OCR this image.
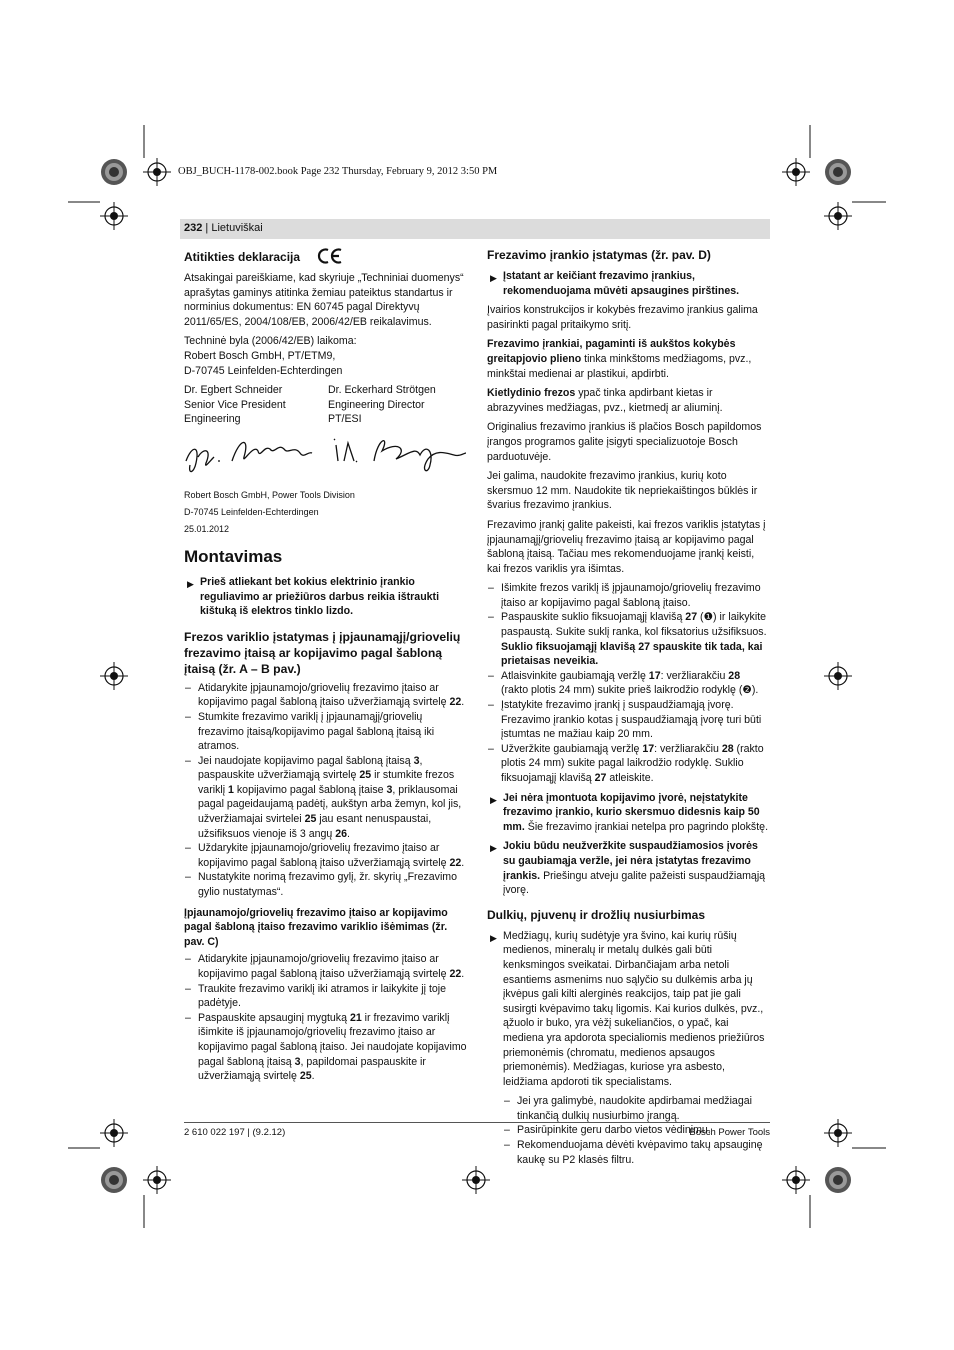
OBJ_BUCH-1178-002.book Page 232 Thursday, February 9, 2012 3:50 PM
232 | Lietuviškai
Atitikties deklaracija

Atsakingai pareiškiame, kad skyriuje „Techniniai duomenys“ aprašytas gaminys atitinka žemiau pateiktus standartus ir norminius dokumentus: EN 60745 pagal Direktyvų 2011/65/ES, 2004/108/EB, 2006/42/EB reikalavimus.

Techninė byla (2006/42/EB) laikoma:
Robert Bosch GmbH, PT/ETM9,
D-70745 Leinfelden-Echterdingen

Dr. Egbert Schneider
Senior Vice President
Engineering
Dr. Eckerhard Strötgen
Engineering Director
PT/ESI

Robert Bosch GmbH, Power Tools Division

D-70745 Leinfelden-Echterdingen

25.01.2012

Montavimas
▶ Prieš atliekant bet kokius elektrinio įrankio reguliavimo ar priežiūros darbus reikia ištraukti kištuką iš elektros tinklo lizdo.
Frezos variklio įstatymas į įpjaunamąjį/griovelių frezavimo įtaisą ar kopijavimo pagal šabloną įtaisą (žr. A – B pav.)
– Atidarykite įpjaunamojo/griovelių frezavimo įtaiso ar kopijavimo pagal šabloną įtaiso užveržiamąją svirtelę 22.
– Stumkite frezavimo variklį į įpjaunamąjį/griovelių frezavimo įtaisą/kopijavimo pagal šabloną įtaisą iki atramos.
– Jei naudojate kopijavimo pagal šabloną įtaisą 3, paspauskite užveržiamąją svirtelę 25 ir stumkite frezos variklį 1 kopijavimo pagal šabloną įtaise 3, priklausomai pagal pageidaujamą padėtį, aukštyn arba žemyn, kol jis, užveržiamajai svirtelei 25 jau esant nenuspaustai, užsifiksuos vienoje iš 3 angų 26.
– Uždarykite įpjaunamojo/griovelių frezavimo įtaiso ar kopijavimo pagal šabloną įtaiso užveržiamąją svirtelę 22.
– Nustatykite norimą frezavimo gylį, žr. skyrių „Frezavimo gylio nustatymas“.
Įpjaunamojo/griovelių frezavimo įtaiso ar kopijavimo pagal šabloną įtaiso frezavimo variklio išėmimas (žr. pav. C)
– Atidarykite įpjaunamojo/griovelių frezavimo įtaiso ar kopijavimo pagal šabloną įtaiso užveržiamąją svirtelę 22.
– Traukite frezavimo variklį iki atramos ir laikykite jį toje padėtyje.
– Paspauskite apsauginį mygtuką 21 ir frezavimo variklį išimkite iš įpjaunamojo/griovelių frezavimo įtaiso ar kopijavimo pagal šabloną įtaiso. Jei naudojate kopijavimo pagal šabloną įtaisą 3, papildomai paspauskite ir užveržiamąją svirtelę 25.
Frezavimo įrankio įstatymas (žr. pav. D)
▶ Įstatant ar keičiant frezavimo įrankius, rekomenduojama mūvėti apsaugines pirštines.

Įvairios konstrukcijos ir kokybės frezavimo įrankius galima pasirinkti pagal pritaikymo sritį.

Frezavimo įrankiai, pagaminti iš aukštos kokybės greitapjovio plieno tinka minkštoms medžiagoms, pvz., minkštai medienai ar plastikui, apdirbti.

Kietlydinio frezos ypač tinka apdirbant kietas ir abrazyvines medžiagas, pvz., kietmedį ar aliuminį.

Originalius frezavimo įrankius iš plačios Bosch papildomos įrangos programos galite įsigyti specializuotoje Bosch parduotuvėje.

Jei galima, naudokite frezavimo įrankius, kurių koto skersmuo 12 mm. Naudokite tik nepriekaištingos būklės ir švarius frezavimo įrankius.

Frezavimo įrankį galite pakeisti, kai frezos variklis įstatytas į įpjaunamąjį/griovelių frezavimo įtaisą ar kopijavimo pagal šabloną įtaisą. Tačiau mes rekomenduojame įrankį keisti, kai frezos variklis yra išimtas.

– Išimkite frezos variklį iš įpjaunamojo/griovelių frezavimo įtaiso ar kopijavimo pagal šabloną įtaiso.
– Paspauskite suklio fiksuojamąjį klavišą 27 (❶) ir laikykite paspaustą. Sukite suklį ranka, kol fiksatorius užsifiksuos.
Suklio fiksuojamąjį klavišą 27 spauskite tik tada, kai prietaisas neveikia.
– Atlaisvinkite gaubiamąją veržlę 17: veržliarakčiu 28 (rakto plotis 24 mm) sukite prieš laikrodžio rodyklę (❷).
– Įstatykite frezavimo įrankį į suspaudžiamąją įvorę. Frezavimo įrankio kotas į suspaudžiamąją įvorę turi būti įstumtas ne mažiau kaip 20 mm.
– Užveržkite gaubiamąją veržlę 17: veržliarakčiu 28 (rakto plotis 24 mm) sukite pagal laikrodžio rodyklę. Suklio fiksuojamąjį klavišą 27 atleiskite.
▶ Jei nėra įmontuota kopijavimo įvorė, neįstatykite frezavimo įrankio, kurio skersmuo didesnis kaip 50 mm. Šie frezavimo įrankiai netelpa pro pagrindo plokštę.
▶ Jokiu būdu neužveržkite suspaudžiamosios įvorės su gaubiamąja veržle, jei nėra įstatytas frezavimo įrankis. Priešingu atveju galite pažeisti suspaudžiamąją įvorę.
Dulkių, pjuvenų ir drožlių nusiurbimas
▶ Medžiagų, kurių sudėtyje yra švino, kai kurių rūšių medienos, mineralų ir metalų dulkės gali būti kenksmingos sveikatai. Dirbančiajam arba netoli esantiems asmenims nuo sąlyčio su dulkėmis arba jų įkvėpus gali kilti alerginės reakcijos, taip pat jie gali susirgti kvėpavimo takų ligomis. Kai kurios dulkės, pvz., ąžuolo ir buko, yra vėžį sukeliančios, o ypač, kai mediena yra apdorota specialiomis medienos priežiūros priemonėmis (chromatu, medienos apsaugos priemonėmis). Medžiagas, kuriose yra asbesto, leidžiama apdoroti tik specialistams.
– Jei yra galimybė, naudokite apdirbamai medžiagai tinkančią dulkių nusiurbimo įrangą.
– Pasirūpinkite geru darbo vietos vėdinimu.
– Rekomenduojama dėvėti kvėpavimo takų apsauginę kaukę su P2 klasės filtru.
2 610 022 197 | (9.2.12)	Bosch Power Tools
